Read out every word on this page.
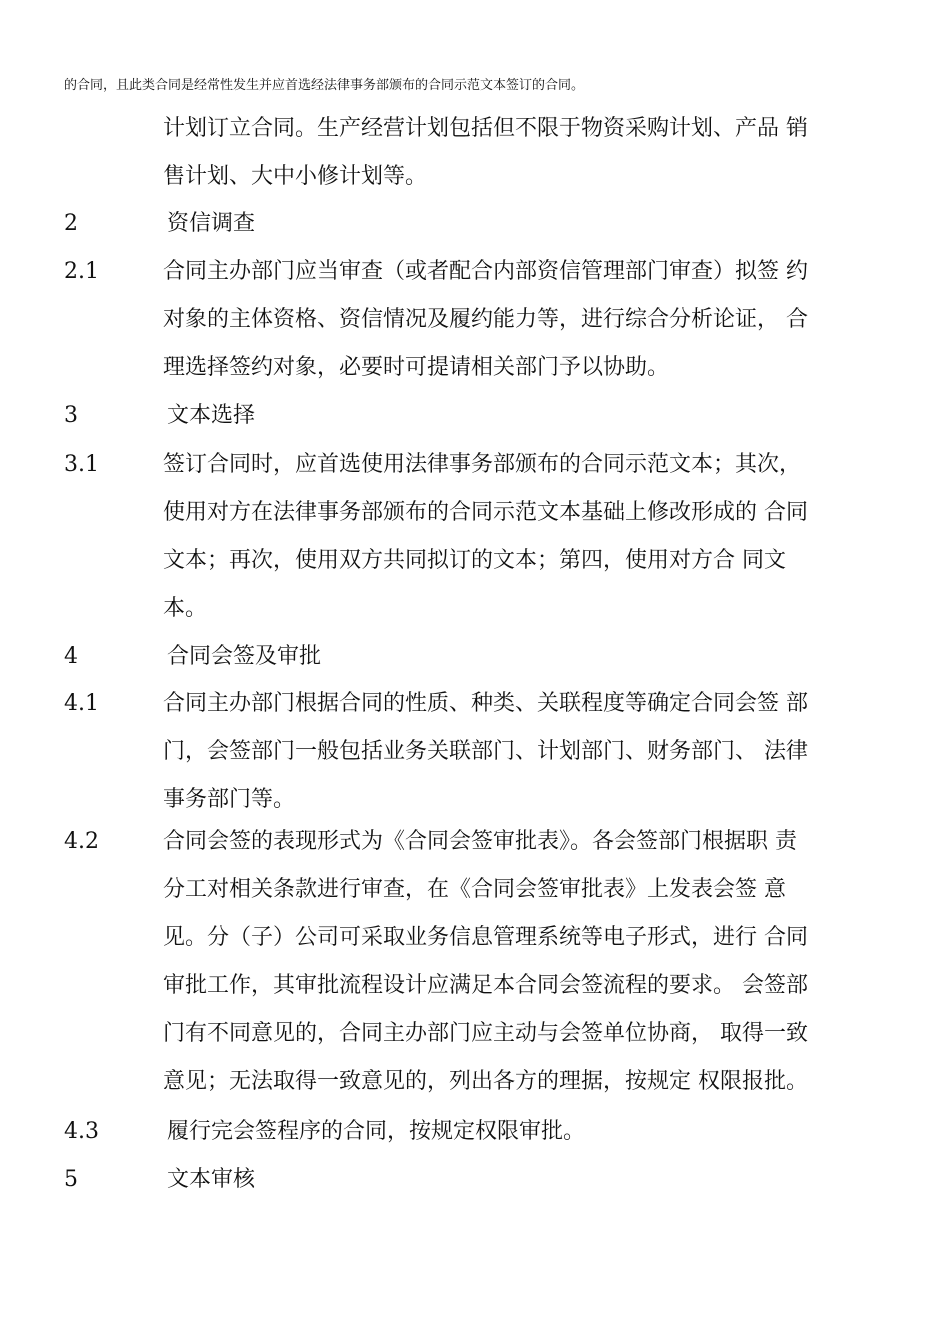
的合同，且此类合同是经常性发生并应首选经法律事务部颁布的合同示范文本签订的合同。
计划订立合同。生产经营计划包括但不限于物资采购计划、产品 销
售计划、大中小修计划等。
2	资信调查
2.1	合同主办部门应当审查（或者配合内部资信管理部门审查）拟签 约
对象的主体资格、资信情况及履约能力等，进行综合分析论证， 合
理选择签约对象，必要时可提请相关部门予以协助。
3	文本选择
3.1	签订合同时，应首选使用法律事务部颁布的合同示范文本；其次，
使用对方在法律事务部颁布的合同示范文本基础上修改形成的 合同
文本；再次，使用双方共同拟订的文本；第四，使用对方合 同文
本。
4	合同会签及审批
4.1	合同主办部门根据合同的性质、种类、关联程度等确定合同会签 部
门，会签部门一般包括业务关联部门、计划部门、财务部门、 法律
事务部门等。
4.2	合同会签的表现形式为《合同会签审批表》。各会签部门根据职 责
分工对相关条款进行审查，在《合同会签审批表》上发表会签 意
见。分（子）公司可采取业务信息管理系统等电子形式，进行 合同
审批工作，其审批流程设计应满足本合同会签流程的要求。 会签部
门有不同意见的，合同主办部门应主动与会签单位协商， 取得一致
意见；无法取得一致意见的，列出各方的理据，按规定 权限报批。
4.3	履行完会签程序的合同，按规定权限审批。
5	文本审核
